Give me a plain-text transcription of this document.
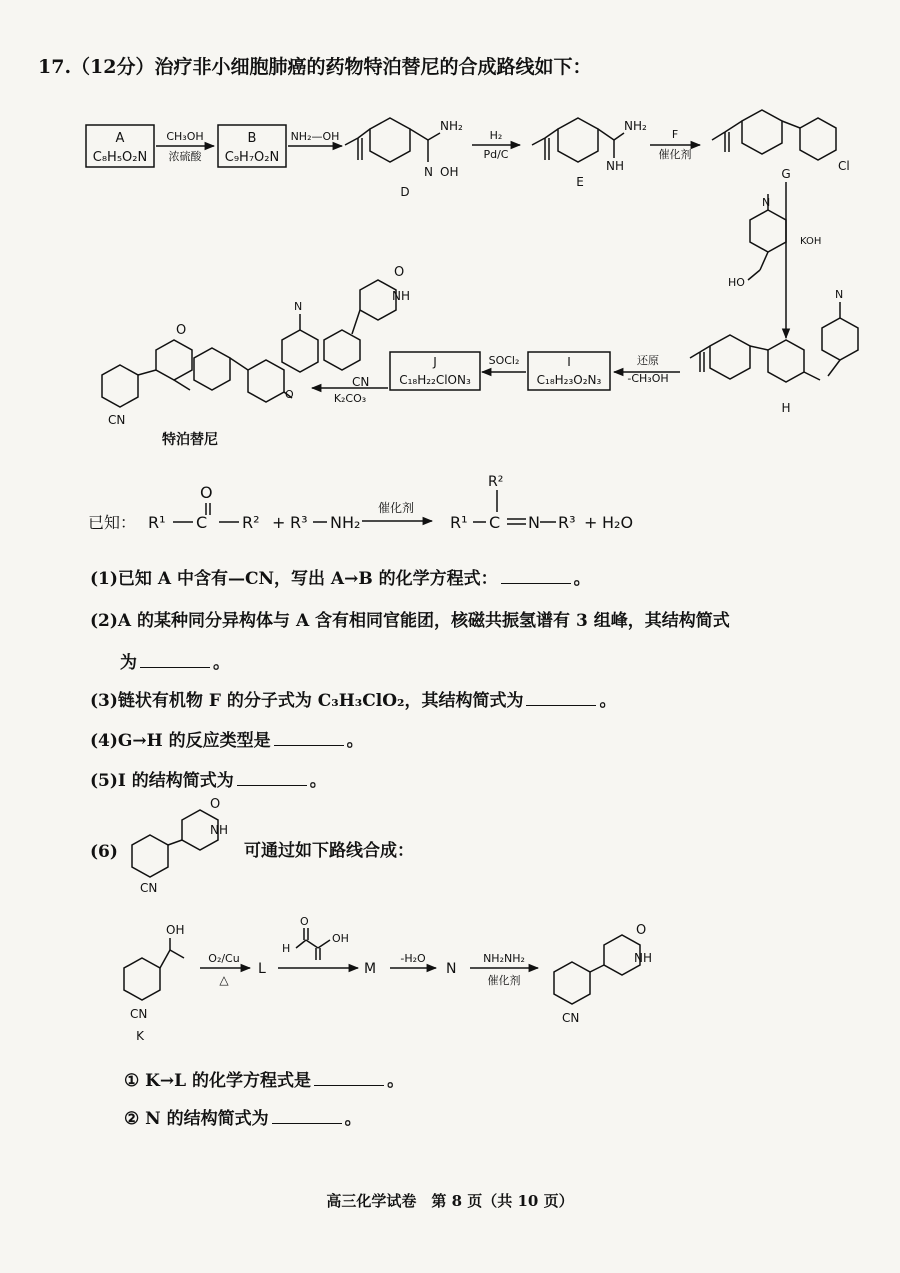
17.（12分）治疗非小细胞肺癌的药物特泊替尼的合成路线如下：
A
C₈H₅O₂N
B
C₉H₇O₂N
CH₃OH
浓硫酸
NH₂—OH
NH₂
N OH
D
H₂
Pd/C
NH₂
NH
E
F
催化剂
Cl
G
KOH
N
HO
N
H
还原
-CH₃OH
I
C₁₈H₂₃O₂N₃
SOCl₂
J
C₁₈H₂₂ClON₃
K₂CO₃
O
NH
CN
O
CN
N
O
特泊替尼
已知： R¹ C
O
R² + R³ NH₂
催化剂
R¹ C
R²
N R³ + H₂O
O
NH
CN
OH
CN
K
O₂/Cu
△
L
H
O
OH
M
-H₂O
N
NH₂NH₂
催化剂
O
NH
CN
(1)已知 A 中含有—CN，写出 A→B 的化学方程式：	。
(2)A 的某种同分异构体与 A 含有相同官能团，核磁共振氢谱有 3 组峰，其结构简式
为	。
(3)链状有机物 F 的分子式为 C₃H₃ClO₂，其结构简式为	。
(4)G→H 的反应类型是	。
(5)I 的结构简式为	。
(6)	可通过如下路线合成：
① K→L 的化学方程式是	。
② N 的结构简式为	。
高三化学试卷　第 8 页（共 10 页）
